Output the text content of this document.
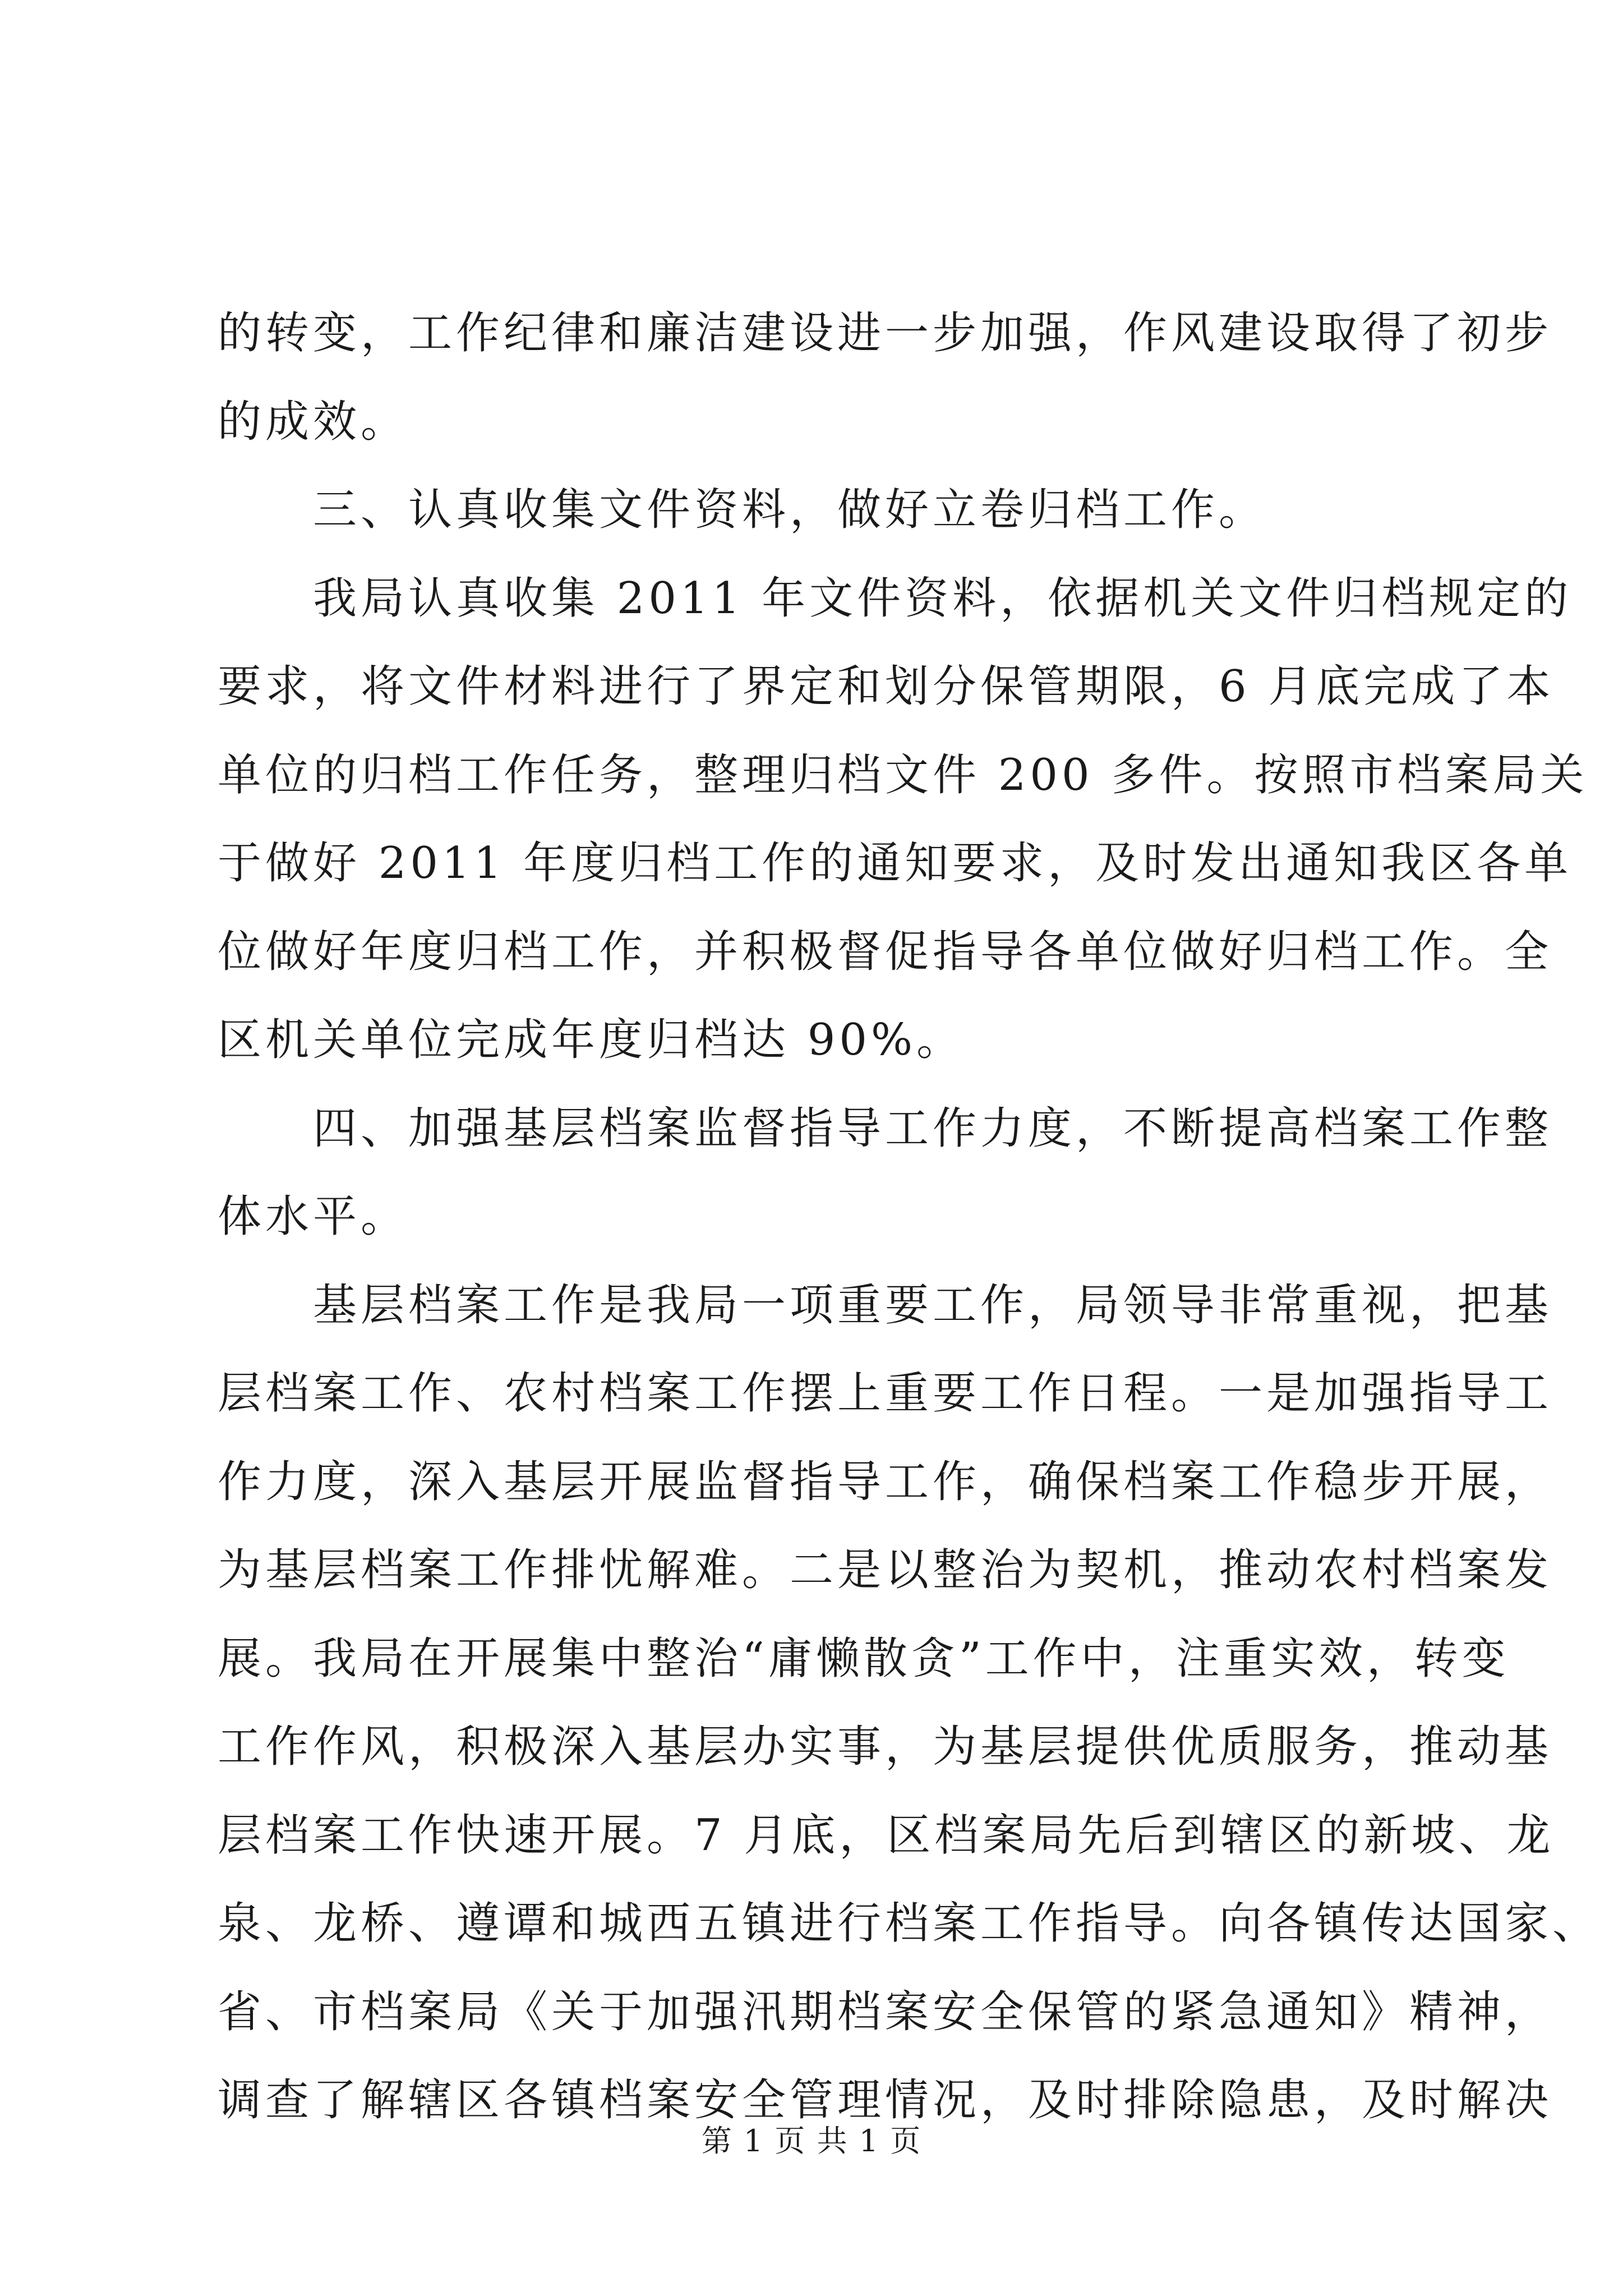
的转变，工作纪律和廉洁建设进一步加强，作风建设取得了初步
的成效。
三、认真收集文件资料，做好立卷归档工作。
我局认真收集 2011 年文件资料，依据机关文件归档规定的
要求，将文件材料进行了界定和划分保管期限，6 月底完成了本
单位的归档工作任务，整理归档文件 200 多件。按照市档案局关
于做好 2011 年度归档工作的通知要求，及时发出通知我区各单
位做好年度归档工作，并积极督促指导各单位做好归档工作。全
区机关单位完成年度归档达 90%。
四、加强基层档案监督指导工作力度，不断提高档案工作整
体水平。
基层档案工作是我局一项重要工作，局领导非常重视，把基
层档案工作、农村档案工作摆上重要工作日程。一是加强指导工
作力度，深入基层开展监督指导工作，确保档案工作稳步开展，
为基层档案工作排忧解难。二是以整治为契机，推动农村档案发
展。我局在开展集中整治“庸懒散贪”工作中，注重实效，转变
工作作风，积极深入基层办实事，为基层提供优质服务，推动基
层档案工作快速开展。7 月底，区档案局先后到辖区的新坡、龙
泉、龙桥、遵谭和城西五镇进行档案工作指导。向各镇传达国家、
省、市档案局《关于加强汛期档案安全保管的紧急通知》精神，
调查了解辖区各镇档案安全管理情况，及时排除隐患，及时解决
第 1 页 共 1 页
